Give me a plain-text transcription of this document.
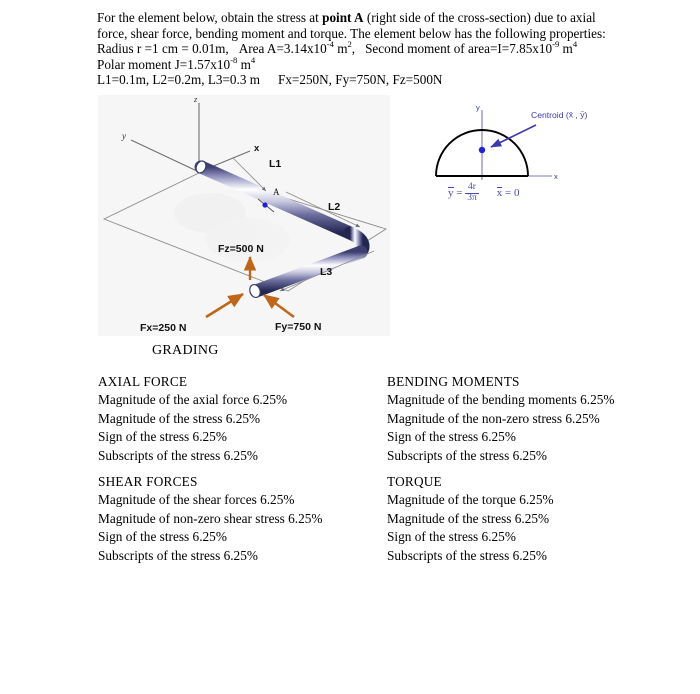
For the element below, obtain the stress at point A (right side of the cross-section) due to axial
force, shear force, bending moment and torque. The element below has the following properties:
Radius r =1 cm = 0.01m, Area $A=3.14x10^{-4}$ $m^2$, Second moment of $area=I=7.85x10^{-9}$ $m^4$
Polar moment $J=1.57x10^{-8}$ $m^4$
L1=0.1m, L2=0.2m, L3=0.3 m Fx=250N, Fy=750N, Fz=500N
z
y
x
A
L1
L2
L3
Fz=500 N
Fx=250 N	Fy=750 N
y
x
Centroid (x̄ , ȳ)
$y = \frac{4r}{3\pi}$ x = 0
GRADING
AXIAL FORCE
Magnitude of the axial force 6.25%
Magnitude of the stress 6.25%
Sign of the stress 6.25%
Subscripts of the stress 6.25%
BENDING MOMENTS
Magnitude of the bending moments 6.25%
Magnitude of the non-zero stress 6.25%
Sign of the stress 6.25%
Subscripts of the stress 6.25%
SHEAR FORCES
Magnitude of the shear forces 6.25%
Magnitude of non-zero shear stress 6.25%
Sign of the stress 6.25%
Subscripts of the stress 6.25%
TORQUE
Magnitude of the torque 6.25%
Magnitude of the stress 6.25%
Sign of the stress 6.25%
Subscripts of the stress 6.25%
